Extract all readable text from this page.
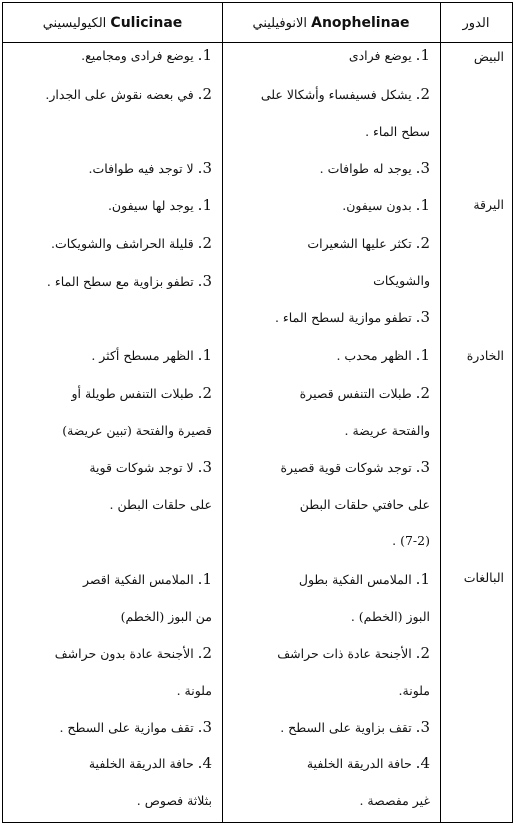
Culicinae

الكيوليسيني	Anophelinae

الانوفيليني	الدور
البيض
اليرقة
الخادرة
البالغات
1. يوضع فرادى
2. يشكل فسيفساء وأشكالا على
سطح الماء .
3. يوجد له طوافات .
1. بدون سيفون.
2. تكثر عليها الشعيرات
والشويكات
3. تطفو موازية لسطح الماء .
1. الظهر محدب .
2. طبلات التنفس قصيرة
والفتحة عريضة .
3. توجد شوكات قوية قصيرة
على حافتي حلقات البطن
(7-2) .
1. الملامس الفكية بطول
البوز (الخطم) .
2. الأجنحة عادة ذات حراشف
ملونة.
3. تقف بزاوية على السطح .
4. حافة الدريقة الخلفية
غير مفصصة .
1. يوضع فرادى ومجاميع.
2. في بعضه نقوش على الجدار.
3. لا توجد فيه طوافات.
1. يوجد لها سيفون.
2. قليلة الحراشف والشويكات.
3. تطفو بزاوية مع سطح الماء .
1. الظهر مسطح أكثر .
2. طبلات التنفس طويلة أو
قصيرة والفتحة (تبين عريضة)
3. لا توجد شوكات قوية
على حلقات البطن .
1. الملامس الفكية اقصر
من البوز (الخطم)
2. الأجنحة عادة بدون حراشف
ملونة .
3. تقف موازية على السطح .
4. حافة الدريقة الخلفية
بثلاثة فصوص .
